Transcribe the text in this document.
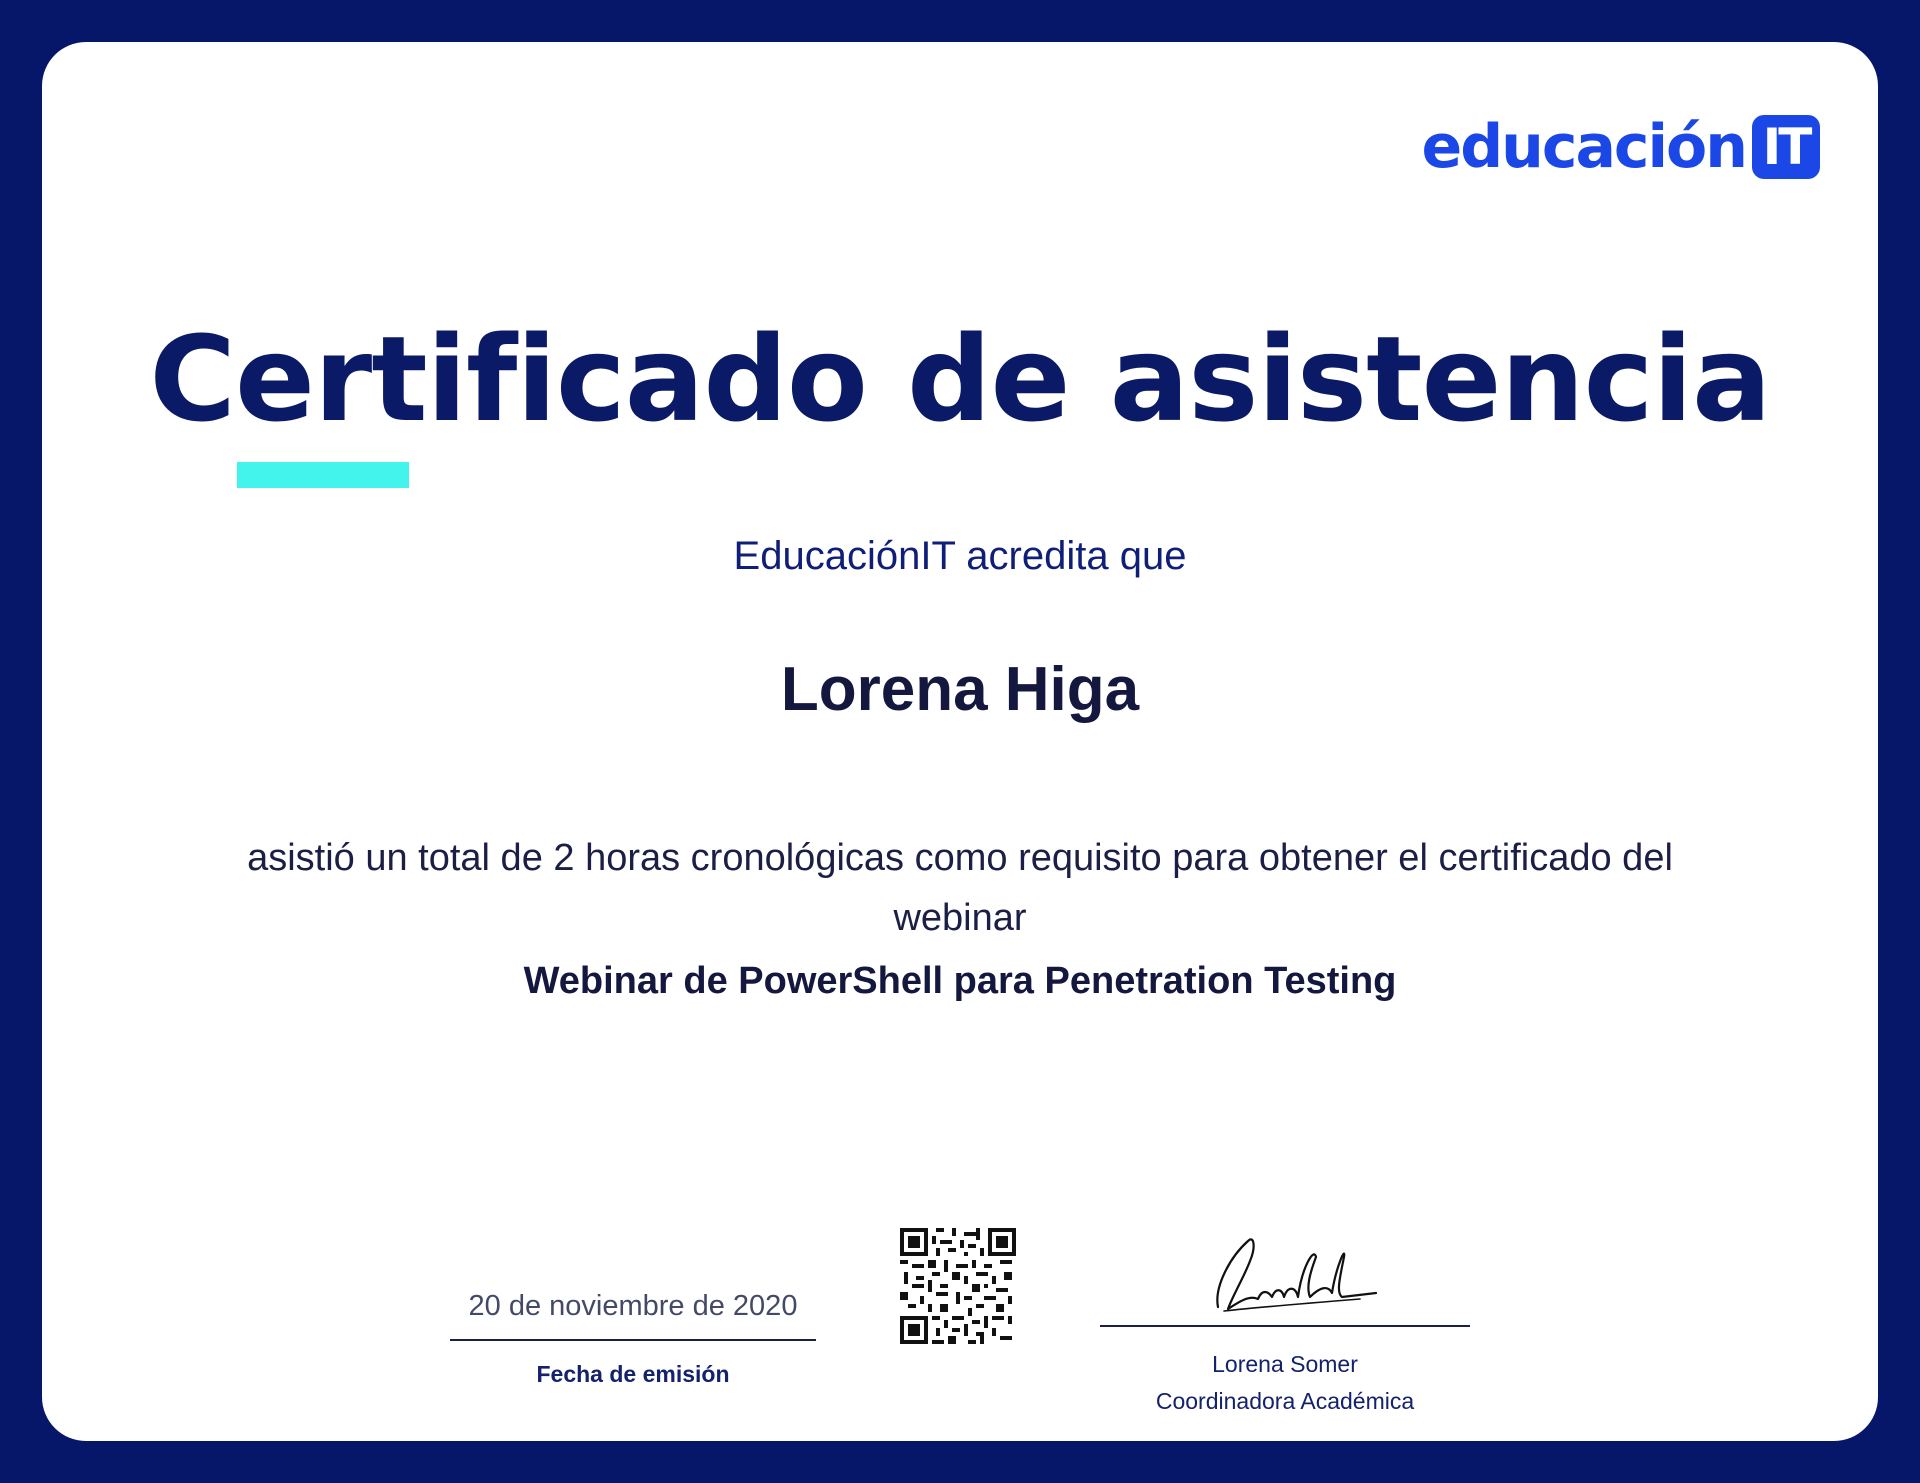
educación IT
Certificado de asistencia
EducaciónIT acredita que
Lorena Higa
asistió un total de 2 horas cronológicas como requisito para obtener el certificado del webinar
Webinar de PowerShell para Penetration Testing
20 de noviembre de 2020
Fecha de emisión	Lorena Somer
Coordinadora Académica
